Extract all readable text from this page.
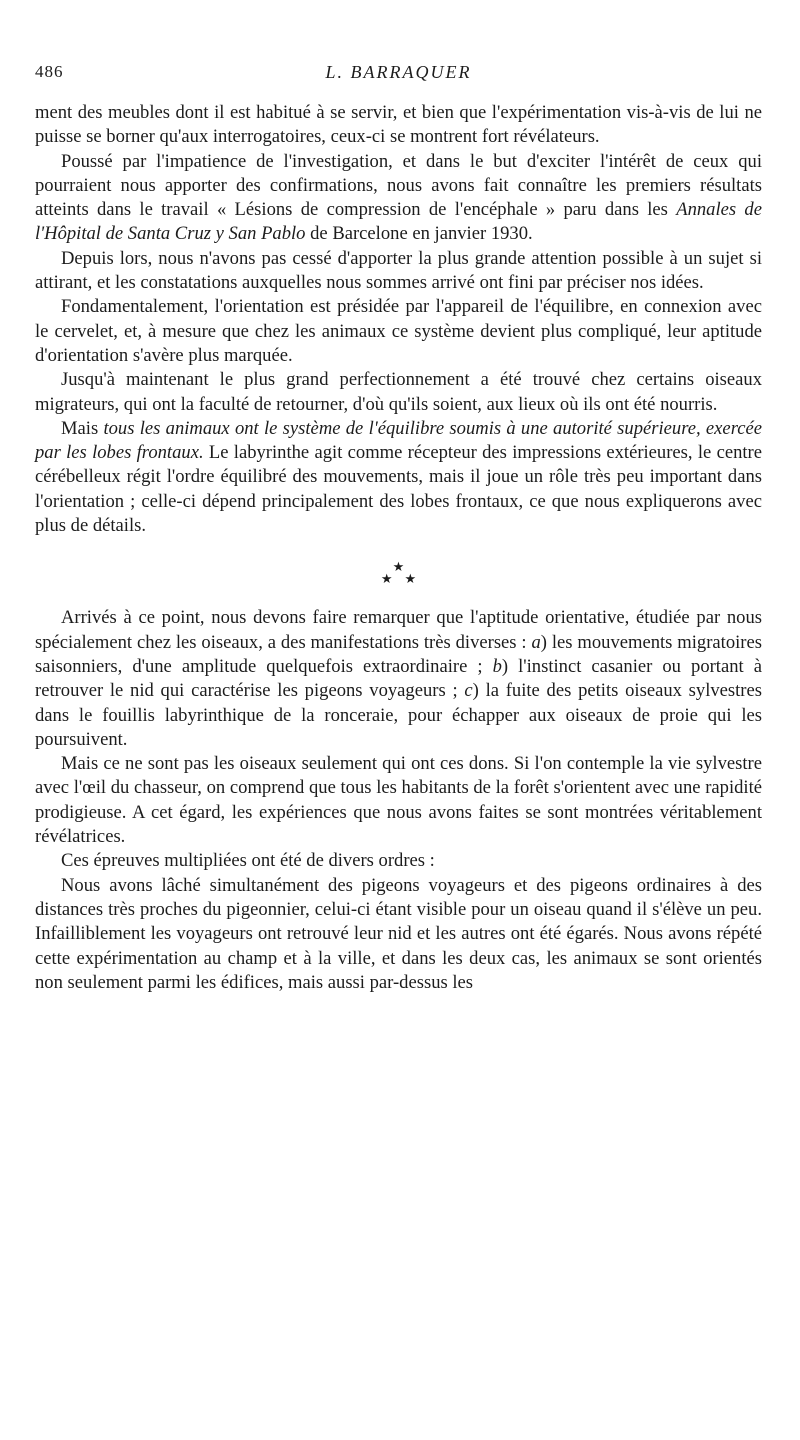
486	L. BARRAQUER

ment des meubles dont il est habitué à se servir, et bien que l'expérimentation vis-à-vis de lui ne puisse se borner qu'aux interrogatoires, ceux-ci se montrent fort révélateurs.

Poussé par l'impatience de l'investigation, et dans le but d'exciter l'intérêt de ceux qui pourraient nous apporter des confirmations, nous avons fait connaître les premiers résultats atteints dans le travail « Lésions de compression de l'encéphale » paru dans les Annales de l'Hôpital de Santa Cruz y San Pablo de Barcelone en janvier 1930.

Depuis lors, nous n'avons pas cessé d'apporter la plus grande attention possible à un sujet si attirant, et les constatations auxquelles nous sommes arrivé ont fini par préciser nos idées.

Fondamentalement, l'orientation est présidée par l'appareil de l'équilibre, en connexion avec le cervelet, et, à mesure que chez les animaux ce système devient plus compliqué, leur aptitude d'orientation s'avère plus marquée.

Jusqu'à maintenant le plus grand perfectionnement a été trouvé chez certains oiseaux migrateurs, qui ont la faculté de retourner, d'où qu'ils soient, aux lieux où ils ont été nourris.

Mais tous les animaux ont le système de l'équilibre soumis à une autorité supérieure, exercée par les lobes frontaux. Le labyrinthe agit comme récepteur des impressions extérieures, le centre cérébelleux régit l'ordre équilibré des mouvements, mais il joue un rôle très peu important dans l'orientation ; celle-ci dépend principalement des lobes frontaux, ce que nous expliquerons avec plus de détails.

★
★ ★

Arrivés à ce point, nous devons faire remarquer que l'aptitude orientative, étudiée par nous spécialement chez les oiseaux, a des manifestations très diverses : a) les mouvements migratoires saisonniers, d'une amplitude quelquefois extraordinaire ; b) l'instinct casanier ou portant à retrouver le nid qui caractérise les pigeons voyageurs ; c) la fuite des petits oiseaux sylvestres dans le fouillis labyrinthique de la ronceraie, pour échapper aux oiseaux de proie qui les poursuivent.

Mais ce ne sont pas les oiseaux seulement qui ont ces dons. Si l'on contemple la vie sylvestre avec l'œil du chasseur, on comprend que tous les habitants de la forêt s'orientent avec une rapidité prodigieuse. A cet égard, les expériences que nous avons faites se sont montrées véritablement révélatrices.

Ces épreuves multipliées ont été de divers ordres :

Nous avons lâché simultanément des pigeons voyageurs et des pigeons ordinaires à des distances très proches du pigeonnier, celui-ci étant visible pour un oiseau quand il s'élève un peu. Infailliblement les voyageurs ont retrouvé leur nid et les autres ont été égarés. Nous avons répété cette expérimentation au champ et à la ville, et dans les deux cas, les animaux se sont orientés non seulement parmi les édifices, mais aussi par-dessus les
